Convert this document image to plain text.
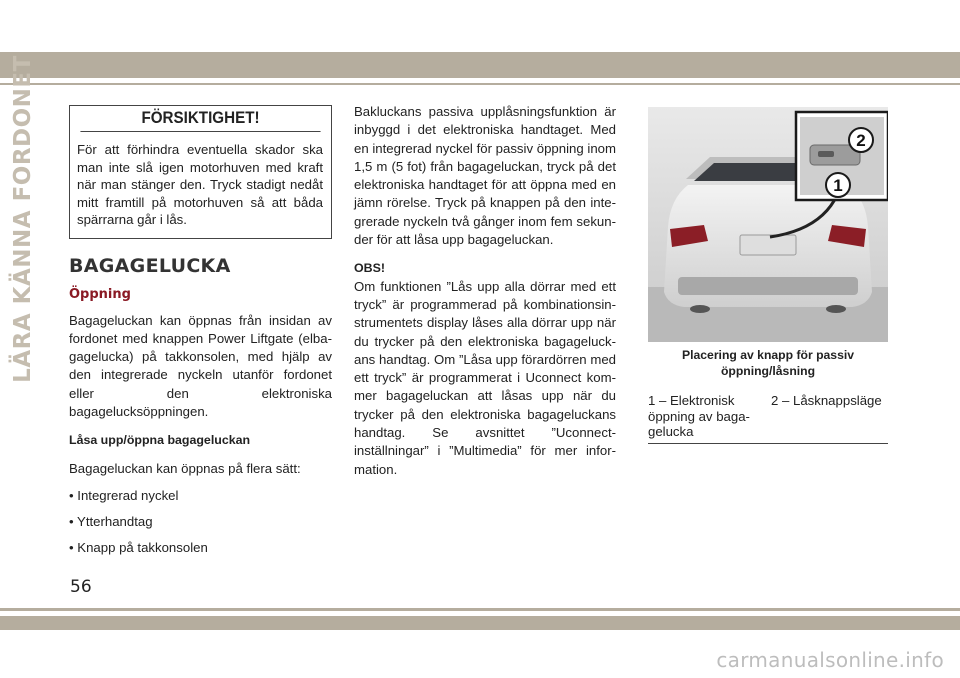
LÄRA KÄNNA FORDONET	FÖRSIKTIGHET!
För att förhindra eventuella skador ska man inte slå igen motorhuven med kraft när man stänger den. Tryck stadigt nedåt mitt framtill på motorhuven så att båda spärrarna går i lås.
BAGAGELUCKA
Öppning

Bagageluckan kan öppnas från insidan av fordonet med knappen Power Liftgate (elba-gagelucka) på takkonsolen, med hjälp av den integrerade nyckeln utanför fordonet eller den elektroniska bagagelucksöppningen.

Låsa upp/öppna bagageluckan

Bagageluckan kan öppnas på flera sätt:

• Integrerad nyckel

• Ytterhandtag

• Knapp på takkonsolen

Bakluckans passiva upplåsningsfunktion är inbyggd i det elektroniska handtaget. Med en integrerad nyckel för passiv öppning inom 1,5 m (5 fot) från bagageluckan, tryck på det elektroniska handtaget för att öppna med en jämn rörelse. Tryck på knappen på den inte-grerade nyckeln två gånger inom fem sekun-der för att låsa upp bagageluckan.

OBS!

Om funktionen ”Lås upp alla dörrar med ett tryck” är programmerad på kombinationsin-strumentets display låses alla dörrar upp när du trycker på den elektroniska bagageluck-ans handtag. Om ”Låsa upp förardörren med ett tryck” är programmerat i Uconnect kom-mer bagageluckan att låsas upp när du trycker på den elektroniska bagageluckans handtag. Se avsnittet ”Uconnect-inställningar” i ”Multimedia” för mer infor-mation.

2
1
Placering av knapp för passiv öppning/låsning
1 – Elektronisk öppning av baga-gelucka
2 – Låsknappsläge
56
carmanualsonline.info
